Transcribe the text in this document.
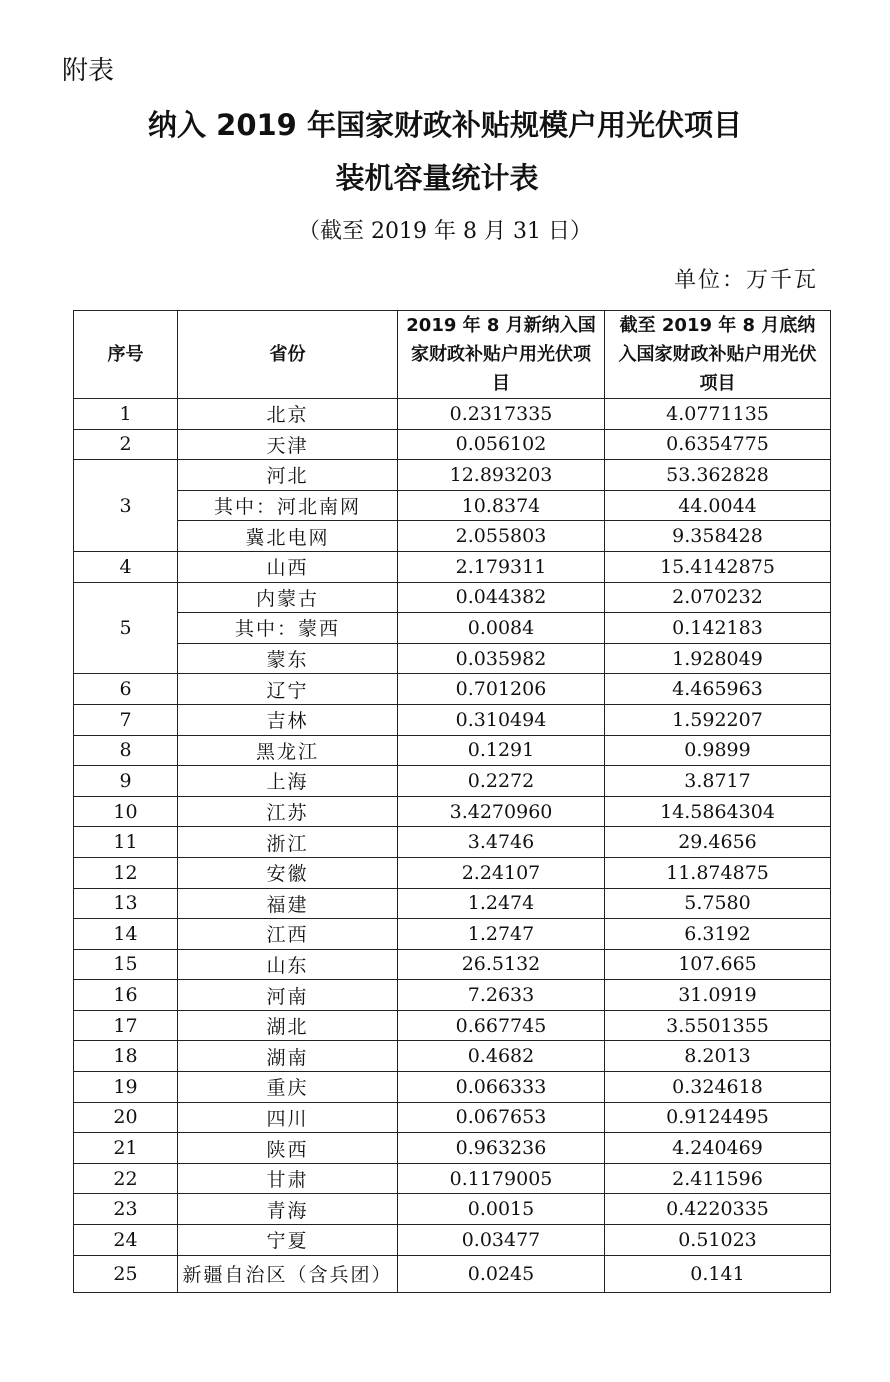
附表
纳入 2019 年国家财政补贴规模户用光伏项目
装机容量统计表
（截至 2019 年 8 月 31 日）
单位：万千瓦
序号	省份	2019 年 8 月新纳入国家财政补贴户用光伏项目	截至 2019 年 8 月底纳入国家财政补贴户用光伏项目
1	北京	0.2317335	4.0771135
2	天津	0.056102	0.6354775
3	河北	12.893203	53.362828
	其中：河北南网	10.8374	44.0044
	冀北电网	2.055803	9.358428
4	山西	2.179311	15.4142875
5	内蒙古	0.044382	2.070232
	其中：蒙西	0.0084	0.142183
	蒙东	0.035982	1.928049
6	辽宁	0.701206	4.465963
7	吉林	0.310494	1.592207
8	黑龙江	0.1291	0.9899
9	上海	0.2272	3.8717
10	江苏	3.4270960	14.5864304
11	浙江	3.4746	29.4656
12	安徽	2.24107	11.874875
13	福建	1.2474	5.7580
14	江西	1.2747	6.3192
15	山东	26.5132	107.665
16	河南	7.2633	31.0919
17	湖北	0.667745	3.5501355
18	湖南	0.4682	8.2013
19	重庆	0.066333	0.324618
20	四川	0.067653	0.9124495
21	陕西	0.963236	4.240469
22	甘肃	0.1179005	2.411596
23	青海	0.0015	0.4220335
24	宁夏	0.03477	0.51023
25	新疆自治区（含兵团）	0.0245	0.141
